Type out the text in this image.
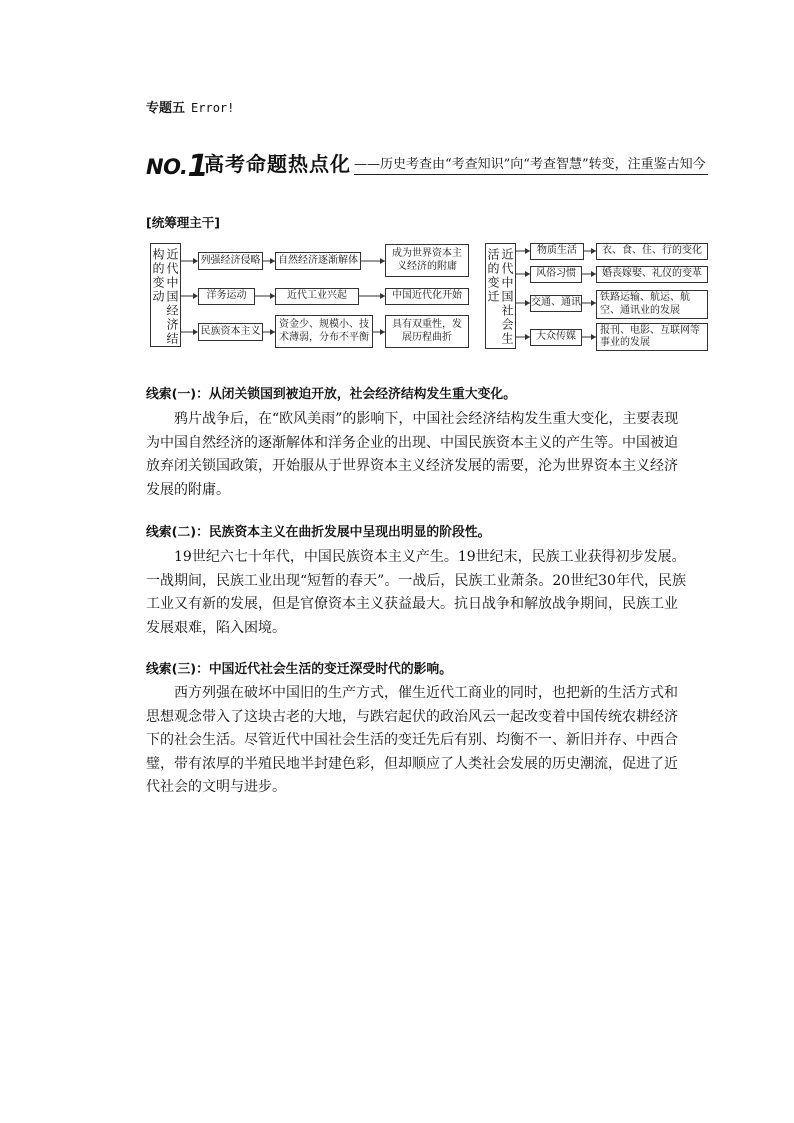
专题五 Error!
NO.1
高考命题热点化 ——历史考查由“考查知识”向“考查智慧”转变，注重鉴古知今
[统筹理主干]
近代中国经济结构的变动	列强经济侵略
洋务运动
民族资本主义
自然经济逐渐解体
近代工业兴起
资金少、规模小、技术薄弱，分布不平衡
成为世界资本主义经济的附庸
中国近代化开始
具有双重性，发展历程曲折	近代中国社会生活的变迁	物质生活
风俗习惯
交通、通讯
大众传媒
衣、食、住、行的变化
婚丧嫁娶、礼仪的变革
铁路运输、航运、航空、通讯业的发展
报刊、电影、互联网等事业的发展
线索(一)：从闭关锁国到被迫开放，社会经济结构发生重大变化。
鸦片战争后，在“欧风美雨”的影响下，中国社会经济结构发生重大变化，主要表现为中国自然经济的逐渐解体和洋务企业的出现、中国民族资本主义的产生等。中国被迫放弃闭关锁国政策，开始服从于世界资本主义经济发展的需要，沦为世界资本主义经济发展的附庸。
线索(二)：民族资本主义在曲折发展中呈现出明显的阶段性。
19世纪六七十年代，中国民族资本主义产生。19世纪末，民族工业获得初步发展。一战期间，民族工业出现“短暂的春天”。一战后，民族工业萧条。20世纪30年代，民族工业又有新的发展，但是官僚资本主义获益最大。抗日战争和解放战争期间，民族工业发展艰难，陷入困境。
线索(三)：中国近代社会生活的变迁深受时代的影响。
西方列强在破坏中国旧的生产方式，催生近代工商业的同时，也把新的生活方式和思想观念带入了这块古老的大地，与跌宕起伏的政治风云一起改变着中国传统农耕经济下的社会生活。尽管近代中国社会生活的变迁先后有别、均衡不一、新旧并存、中西合璧，带有浓厚的半殖民地半封建色彩，但却顺应了人类社会发展的历史潮流，促进了近代社会的文明与进步。
